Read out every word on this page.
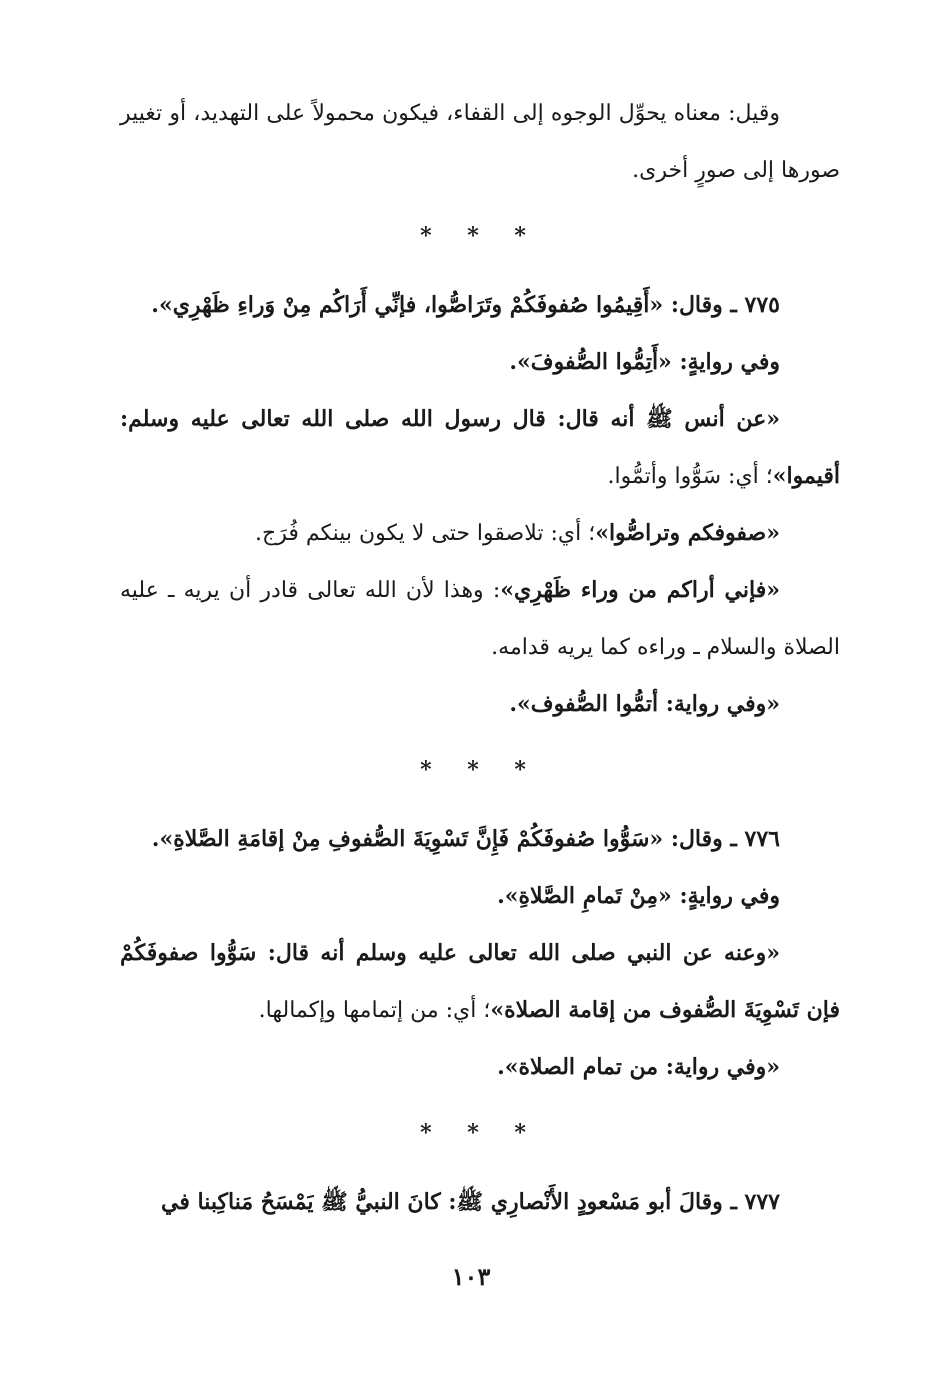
وقيل: معناه يحوِّل الوجوه إلى القفاء، فيكون محمولاً على التهديد، أو تغيير صورها إلى صورٍ أخرى.

* * *

٧٧٥ ـ وقال: «أَقِيمُوا صُفوفَكُمْ وتَرَاصُّوا، فإنِّي أَرَاكُم مِنْ وَراءِ ظَهْرِي».

وفي روايةٍ: «أَتِمُّوا الصُّفوفَ».

«عن أنس ﷺ أنه قال: قال رسول الله صلى الله تعالى عليه وسلم: أقيموا»؛ أي: سَوُّوا وأتمُّوا.

«صفوفكم وتراصُّوا»؛ أي: تلاصقوا حتى لا يكون بينكم فُرَج.

«فإني أراكم من وراء ظَهْرِي»: وهذا لأن الله تعالى قادر أن يريه ـ عليه الصلاة والسلام ـ وراءه كما يريه قدامه.

«وفي رواية: أتمُّوا الصُّفوف».

* * *

٧٧٦ ـ وقال: «سَوُّوا صُفوفَكُمْ فَإِنَّ تَسْوِيَةَ الصُّفوفِ مِنْ إقامَةِ الصَّلاةِ».

وفي روايةٍ: «مِنْ تَمامِ الصَّلاةِ».

«وعنه عن النبي صلى الله تعالى عليه وسلم أنه قال: سَوُّوا صفوفَكُمْ فإن تَسْوِيَةَ الصُّفوف من إقامة الصلاة»؛ أي: من إتمامها وإكمالها.

«وفي رواية: من تمام الصلاة».

* * *

٧٧٧ ـ وقالَ أبو مَسْعودٍ الأَنْصارِي ﷺ: كانَ النبيُّ ﷺ يَمْسَحُ مَناكِبنا في

١٠٣
